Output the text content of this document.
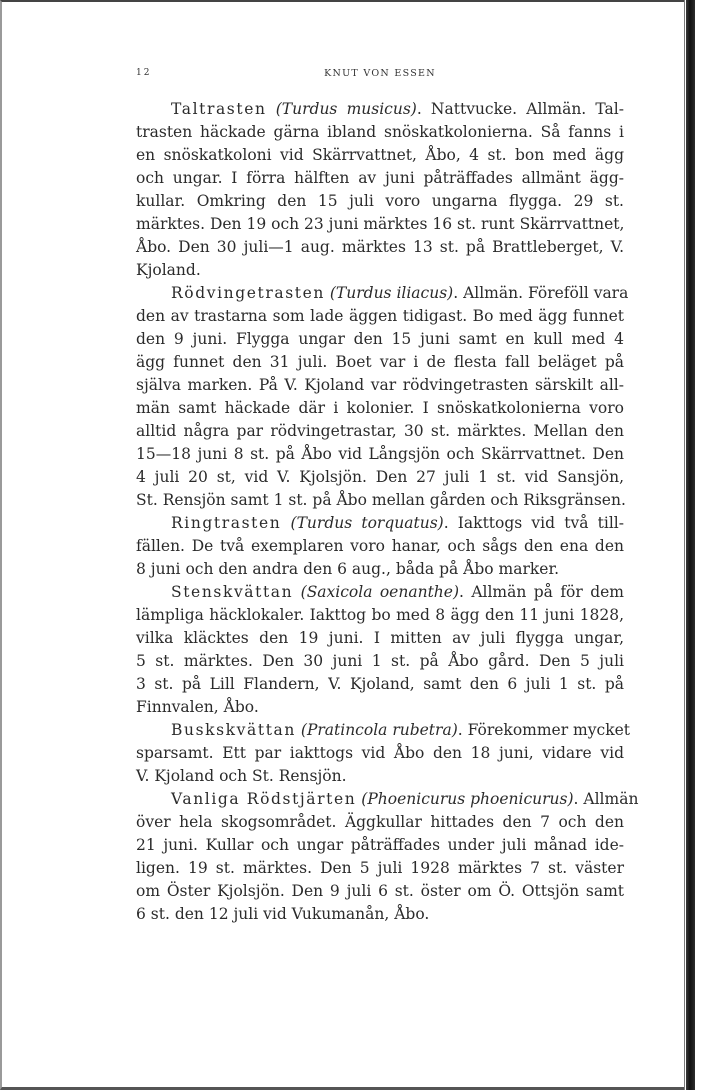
12	KNUT VON ESSEN
Taltrasten (Turdus musicus). Nattvucke. Allmän. Tal-
trasten häckade gärna ibland snöskatkolonierna. Så fanns i
en snöskatkoloni vid Skärrvattnet, Åbo, 4 st. bon med ägg
och ungar. I förra hälften av juni påträffades allmänt ägg-
kullar. Omkring den 15 juli voro ungarna flygga. 29 st.
märktes. Den 19 och 23 juni märktes 16 st. runt Skärrvattnet,
Åbo. Den 30 juli—1 aug. märktes 13 st. på Brattleberget, V.
Kjoland.
Rödvingetrasten (Turdus iliacus). Allmän. Föreföll vara
den av trastarna som lade äggen tidigast. Bo med ägg funnet
den 9 juni. Flygga ungar den 15 juni samt en kull med 4
ägg funnet den 31 juli. Boet var i de flesta fall beläget på
själva marken. På V. Kjoland var rödvingetrasten särskilt all-
män samt häckade där i kolonier. I snöskatkolonierna voro
alltid några par rödvingetrastar, 30 st. märktes. Mellan den
15—18 juni 8 st. på Åbo vid Långsjön och Skärrvattnet. Den
4 juli 20 st, vid V. Kjolsjön. Den 27 juli 1 st. vid Sansjön,
St. Rensjön samt 1 st. på Åbo mellan gården och Riksgränsen.
Ringtrasten (Turdus torquatus). Iakttogs vid två till-
fällen. De två exemplaren voro hanar, och sågs den ena den
8 juni och den andra den 6 aug., båda på Åbo marker.
Stenskvättan (Saxicola oenanthe). Allmän på för dem
lämpliga häcklokaler. Iakttog bo med 8 ägg den 11 juni 1828,
vilka kläcktes den 19 juni. I mitten av juli flygga ungar,
5 st. märktes. Den 30 juni 1 st. på Åbo gård. Den 5 juli
3 st. på Lill Flandern, V. Kjoland, samt den 6 juli 1 st. på
Finnvalen, Åbo.
Buskskvättan (Pratincola rubetra). Förekommer mycket
sparsamt. Ett par iakttogs vid Åbo den 18 juni, vidare vid
V. Kjoland och St. Rensjön.
Vanliga Rödstjärten (Phoenicurus phoenicurus). Allmän
över hela skogsområdet. Äggkullar hittades den 7 och den
21 juni. Kullar och ungar påträffades under juli månad ide-
ligen. 19 st. märktes. Den 5 juli 1928 märktes 7 st. väster
om Öster Kjolsjön. Den 9 juli 6 st. öster om Ö. Ottsjön samt
6 st. den 12 juli vid Vukumanån, Åbo.
